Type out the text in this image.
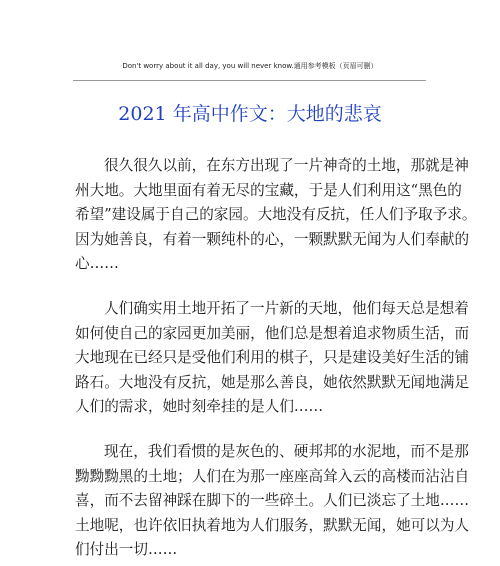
Don't worry about it all day, you will never know.通用参考模板（页眉可删）
2021 年高中作文：大地的悲哀
很久很久以前，在东方出现了一片神奇的土地，那就是神
州大地。大地里面有着无尽的宝藏，于是人们利用这“黑色的
希望”建设属于自己的家园。大地没有反抗，任人们予取予求。
因为她善良，有着一颗纯朴的心，一颗默默无闻为人们奉献的
心……
人们确实用土地开拓了一片新的天地，他们每天总是想着
如何使自己的家园更加美丽，他们总是想着追求物质生活，而
大地现在已经只是受他们利用的棋子，只是建设美好生活的铺
路石。大地没有反抗，她是那么善良，她依然默默无闻地满足
人们的需求，她时刻牵挂的是人们……
现在，我们看惯的是灰色的、硬邦邦的水泥地，而不是那
黝黝黝黑的土地；人们在为那一座座高耸入云的高楼而沾沾自
喜，而不去留神踩在脚下的一些碎土。人们已淡忘了土地……
土地呢，也许依旧执着地为人们服务，默默无闻，她可以为人
们付出一切……
